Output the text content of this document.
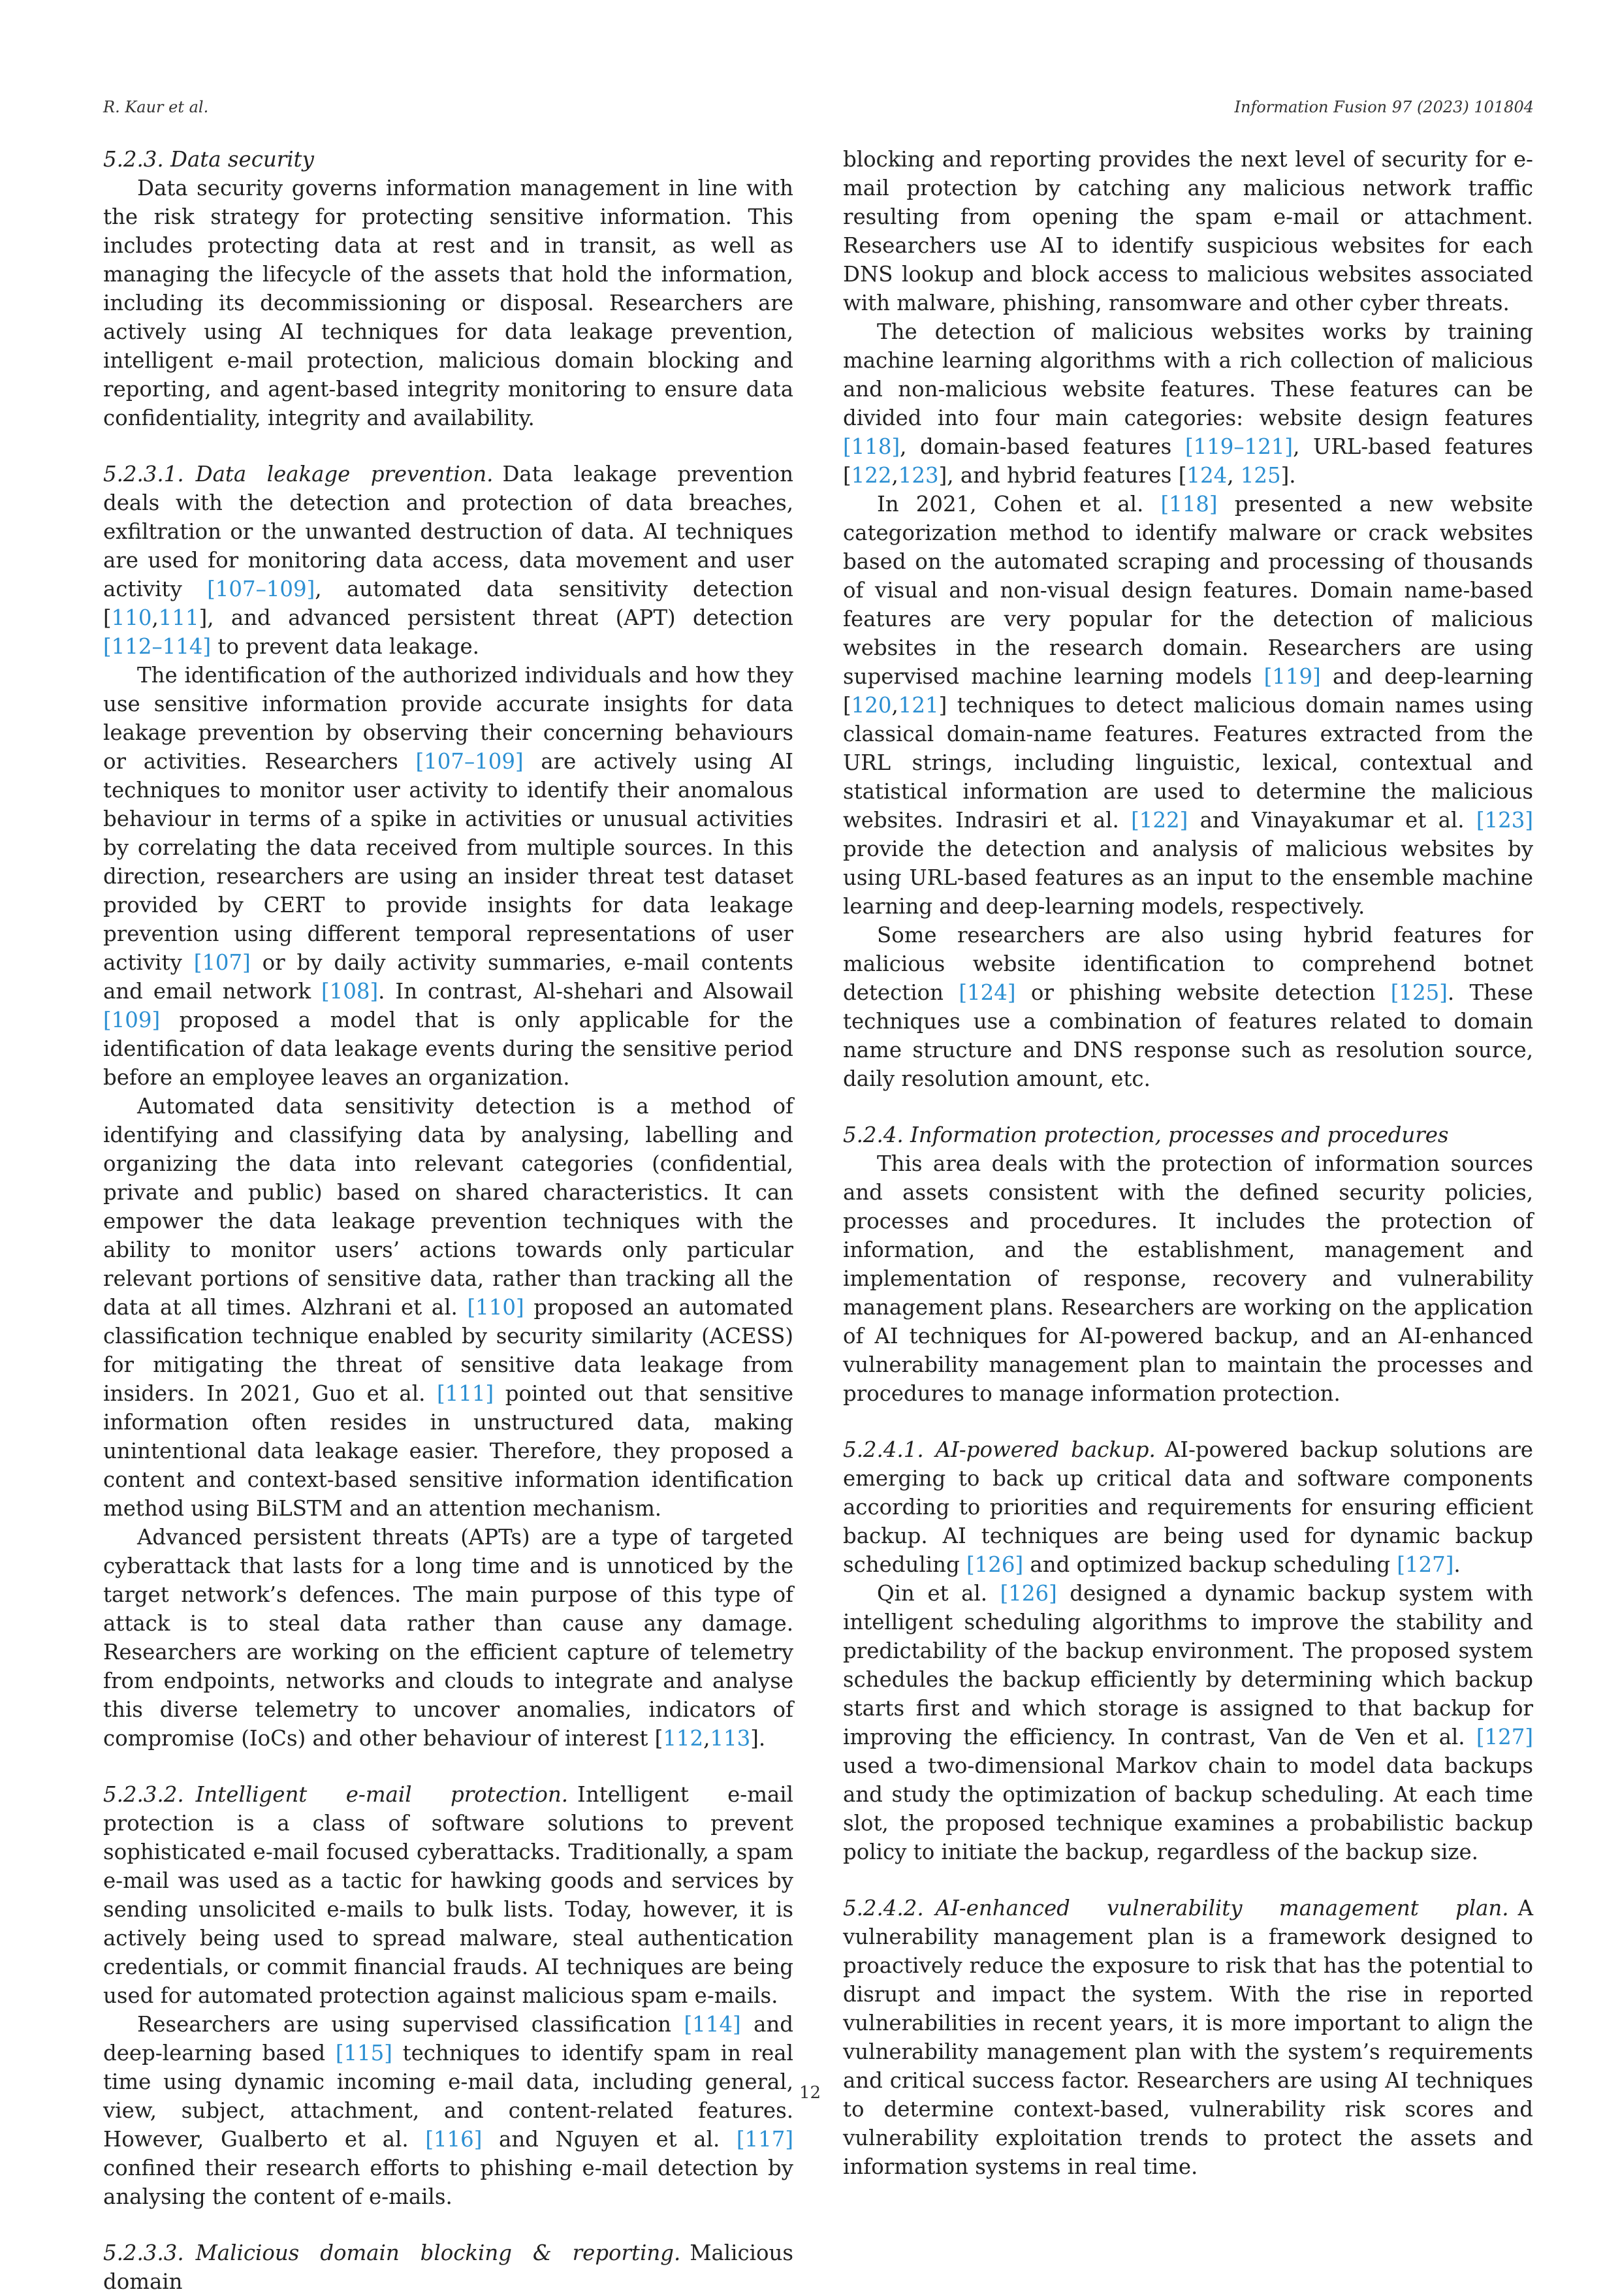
R. Kaur et al.	Information Fusion 97 (2023) 101804
5.2.3. Data security

Data security governs information management in line with the risk strategy for protecting sensitive information. This includes protecting data at rest and in transit, as well as managing the lifecycle of the assets that hold the information, including its decommissioning or disposal. Researchers are actively using AI techniques for data leakage prevention, intelligent e-mail protection, malicious domain blocking and reporting, and agent-based integrity monitoring to ensure data confidentiality, integrity and availability.

5.2.3.1. Data leakage prevention. Data leakage prevention deals with the detection and protection of data breaches, exfiltration or the unwanted destruction of data. AI techniques are used for monitoring data access, data movement and user activity [107–109], automated data sensitivity detection [110,111], and advanced persistent threat (APT) detection [112–114] to prevent data leakage.

The identification of the authorized individuals and how they use sensitive information provide accurate insights for data leakage prevention by observing their concerning behaviours or activities. Researchers [107–109] are actively using AI techniques to monitor user activity to identify their anomalous behaviour in terms of a spike in activities or unusual activities by correlating the data received from multiple sources. In this direction, researchers are using an insider threat test dataset provided by CERT to provide insights for data leakage prevention using different temporal representations of user activity [107] or by daily activity summaries, e-mail contents and email network [108]. In contrast, Al-shehari and Alsowail [109] proposed a model that is only applicable for the identification of data leakage events during the sensitive period before an employee leaves an organization.

Automated data sensitivity detection is a method of identifying and classifying data by analysing, labelling and organizing the data into relevant categories (confidential, private and public) based on shared characteristics. It can empower the data leakage prevention techniques with the ability to monitor users’ actions towards only particular relevant portions of sensitive data, rather than tracking all the data at all times. Alzhrani et al. [110] proposed an automated classification technique enabled by security similarity (ACESS) for mitigating the threat of sensitive data leakage from insiders. In 2021, Guo et al. [111] pointed out that sensitive information often resides in unstructured data, making unintentional data leakage easier. Therefore, they proposed a content and context-based sensitive information identification method using BiLSTM and an attention mechanism.

Advanced persistent threats (APTs) are a type of targeted cyberattack that lasts for a long time and is unnoticed by the target network’s defences. The main purpose of this type of attack is to steal data rather than cause any damage. Researchers are working on the efficient capture of telemetry from endpoints, networks and clouds to integrate and analyse this diverse telemetry to uncover anomalies, indicators of compromise (IoCs) and other behaviour of interest [112,113].

5.2.3.2. Intelligent e-mail protection. Intelligent e-mail protection is a class of software solutions to prevent sophisticated e-mail focused cyberattacks. Traditionally, a spam e-mail was used as a tactic for hawking goods and services by sending unsolicited e-mails to bulk lists. Today, however, it is actively being used to spread malware, steal authentication credentials, or commit financial frauds. AI techniques are being used for automated protection against malicious spam e-mails.

Researchers are using supervised classification [114] and deep-learning based [115] techniques to identify spam in real time using dynamic incoming e-mail data, including general, view, subject, attachment, and content-related features. However, Gualberto et al. [116] and Nguyen et al. [117] confined their research efforts to phishing e-mail detection by analysing the content of e-mails.

5.2.3.3. Malicious domain blocking & reporting. Malicious domain

blocking and reporting provides the next level of security for e-mail protection by catching any malicious network traffic resulting from opening the spam e-mail or attachment. Researchers use AI to identify suspicious websites for each DNS lookup and block access to malicious websites associated with malware, phishing, ransomware and other cyber threats.

The detection of malicious websites works by training machine learning algorithms with a rich collection of malicious and non-malicious website features. These features can be divided into four main categories: website design features [118], domain-based features [119–121], URL-based features [122,123], and hybrid features [124, 125].

In 2021, Cohen et al. [118] presented a new website categorization method to identify malware or crack websites based on the automated scraping and processing of thousands of visual and non-visual design features. Domain name-based features are very popular for the detection of malicious websites in the research domain. Researchers are using supervised machine learning models [119] and deep-learning [120,121] techniques to detect malicious domain names using classical domain-name features. Features extracted from the URL strings, including linguistic, lexical, contextual and statistical information are used to determine the malicious websites. Indrasiri et al. [122] and Vinayakumar et al. [123] provide the detection and analysis of malicious websites by using URL-based features as an input to the ensemble machine learning and deep-learning models, respectively.

Some researchers are also using hybrid features for malicious website identification to comprehend botnet detection [124] or phishing website detection [125]. These techniques use a combination of features related to domain name structure and DNS response such as resolution source, daily resolution amount, etc.

5.2.4. Information protection, processes and procedures

This area deals with the protection of information sources and assets consistent with the defined security policies, processes and procedures. It includes the protection of information, and the establishment, management and implementation of response, recovery and vulnerability management plans. Researchers are working on the application of AI techniques for AI-powered backup, and an AI-enhanced vulnerability management plan to maintain the processes and procedures to manage information protection.

5.2.4.1. AI-powered backup. AI-powered backup solutions are emerging to back up critical data and software components according to priorities and requirements for ensuring efficient backup. AI techniques are being used for dynamic backup scheduling [126] and optimized backup scheduling [127].

Qin et al. [126] designed a dynamic backup system with intelligent scheduling algorithms to improve the stability and predictability of the backup environment. The proposed system schedules the backup efficiently by determining which backup starts first and which storage is assigned to that backup for improving the efficiency. In contrast, Van de Ven et al. [127] used a two-dimensional Markov chain to model data backups and study the optimization of backup scheduling. At each time slot, the proposed technique examines a probabilistic backup policy to initiate the backup, regardless of the backup size.

5.2.4.2. AI-enhanced vulnerability management plan. A vulnerability management plan is a framework designed to proactively reduce the exposure to risk that has the potential to disrupt and impact the system. With the rise in reported vulnerabilities in recent years, it is more important to align the vulnerability management plan with the system’s requirements and critical success factor. Researchers are using AI techniques to determine context-based, vulnerability risk scores and vulnerability exploitation trends to protect the assets and information systems in real time.

12
